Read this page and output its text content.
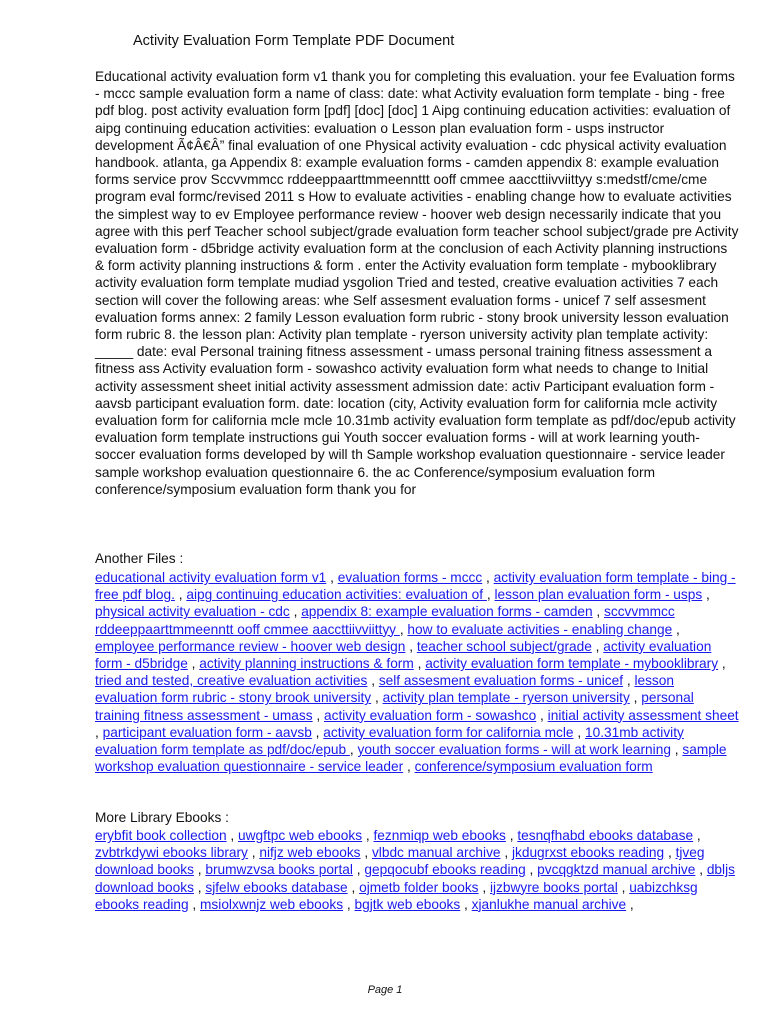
Activity Evaluation Form Template PDF Document
Educational activity evaluation form v1 thank you for completing this evaluation. your fee Evaluation forms - mccc sample evaluation form a name of class: date: what Activity evaluation form template - bing - free pdf blog. post activity evaluation form [pdf] [doc] [doc] 1 Aipg continuing education activities: evaluation of aipg continuing education activities: evaluation o Lesson plan evaluation form - usps instructor development Ã¢Â€Â” final evaluation of one Physical activity evaluation - cdc physical activity evaluation handbook. atlanta, ga Appendix 8: example evaluation forms - camden appendix 8: example evaluation forms service prov Sccvvmmcc rddeeppaarttmmeennttt ooff cmmee aaccttiivviittyy s:medstf/cme/cme program eval formc/revised 2011 s How to evaluate activities - enabling change how to evaluate activities the simplest way to ev Employee performance review - hoover web design necessarily indicate that you agree with this perf Teacher school subject/grade evaluation form teacher school subject/grade pre Activity evaluation form - d5bridge activity evaluation form at the conclusion of each Activity planning instructions & form activity planning instructions & form . enter the Activity evaluation form template - mybooklibrary activity evaluation form template mudiad ysgolion Tried and tested, creative evaluation activities 7 each section will cover the following areas: whe Self assesment evaluation forms - unicef 7 self assesment evaluation forms annex: 2 family Lesson evaluation form rubric - stony brook university lesson evaluation form rubric 8. the lesson plan: Activity plan template - ryerson university activity plan template activity: _____ date: eval Personal training fitness assessment - umass personal training fitness assessment a fitness ass Activity evaluation form - sowashco activity evaluation form what needs to change to Initial activity assessment sheet initial activity assessment admission date: activ Participant evaluation form - aavsb participant evaluation form. date: location (city, Activity evaluation form for california mcle activity evaluation form for california mcle mcle 10.31mb activity evaluation form template as pdf/doc/epub activity evaluation form template instructions gui Youth soccer evaluation forms - will at work learning youth-soccer evaluation forms developed by will th Sample workshop evaluation questionnaire - service leader sample workshop evaluation questionnaire 6. the ac Conference/symposium evaluation form conference/symposium evaluation form thank you for
Another Files :
educational activity evaluation form v1 , evaluation forms - mccc , activity evaluation form template - bing - free pdf blog. , aipg continuing education activities: evaluation of , lesson plan evaluation form - usps , physical activity evaluation - cdc , appendix 8: example evaluation forms - camden , sccvvmmcc rddeeppaarttmmeenntt ooff cmmee aaccttiivviittyy , how to evaluate activities - enabling change , employee performance review - hoover web design , teacher school subject/grade , activity evaluation form - d5bridge , activity planning instructions & form , activity evaluation form template - mybooklibrary , tried and tested, creative evaluation activities , self assesment evaluation forms - unicef , lesson evaluation form rubric - stony brook university , activity plan template - ryerson university , personal training fitness assessment - umass , activity evaluation form - sowashco , initial activity assessment sheet , participant evaluation form - aavsb , activity evaluation form for california mcle , 10.31mb activity evaluation form template as pdf/doc/epub , youth soccer evaluation forms - will at work learning , sample workshop evaluation questionnaire - service leader , conference/symposium evaluation form
More Library Ebooks :
erybfit book collection , uwgftpc web ebooks , feznmiqp web ebooks , tesnqfhabd ebooks database , zvbtrkdywi ebooks library , nifjz web ebooks , vlbdc manual archive , jkdugrxst ebooks reading , tjveg download books , brumwzvsa books portal , gepqocubf ebooks reading , pvcqgktzd manual archive , dbljs download books , sjfelw ebooks database , ojmetb folder books , ijzbwyre books portal , uabizchksg ebooks reading , msiolxwnjz web ebooks , bgjtk web ebooks , xjanlukhe manual archive ,
Page 1
